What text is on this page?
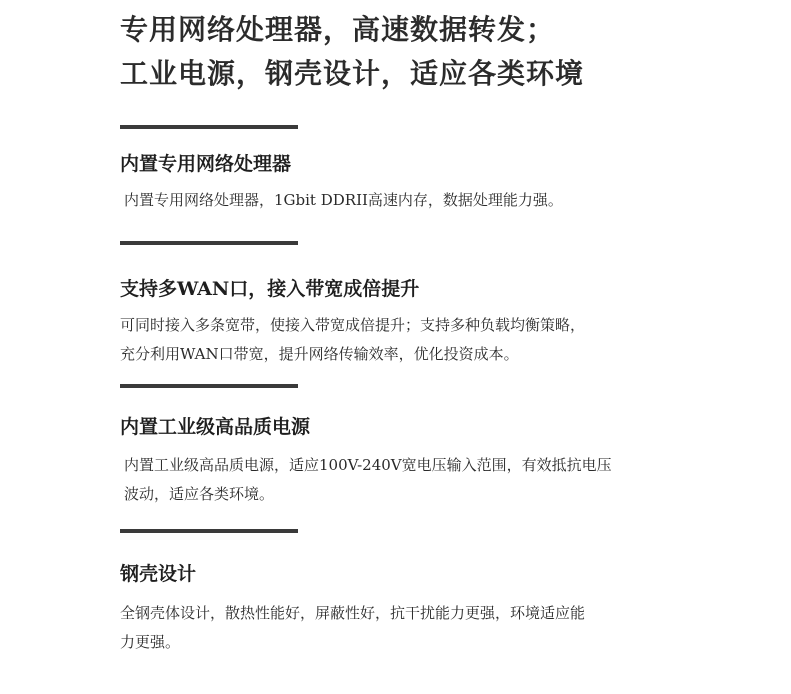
专用网络处理器，高速数据转发；
工业电源，钢壳设计，适应各类环境
内置专用网络处理器

内置专用网络处理器，1Gbit DDRII高速内存，数据处理能力强。

支持多WAN口，接入带宽成倍提升

可同时接入多条宽带，使接入带宽成倍提升；支持多种负载均衡策略，
充分利用WAN口带宽，提升网络传输效率，优化投资成本。

内置工业级高品质电源

内置工业级高品质电源，适应100V-240V宽电压输入范围，有效抵抗电压
波动，适应各类环境。

钢壳设计

全钢壳体设计，散热性能好，屏蔽性好，抗干扰能力更强，环境适应能
力更强。
